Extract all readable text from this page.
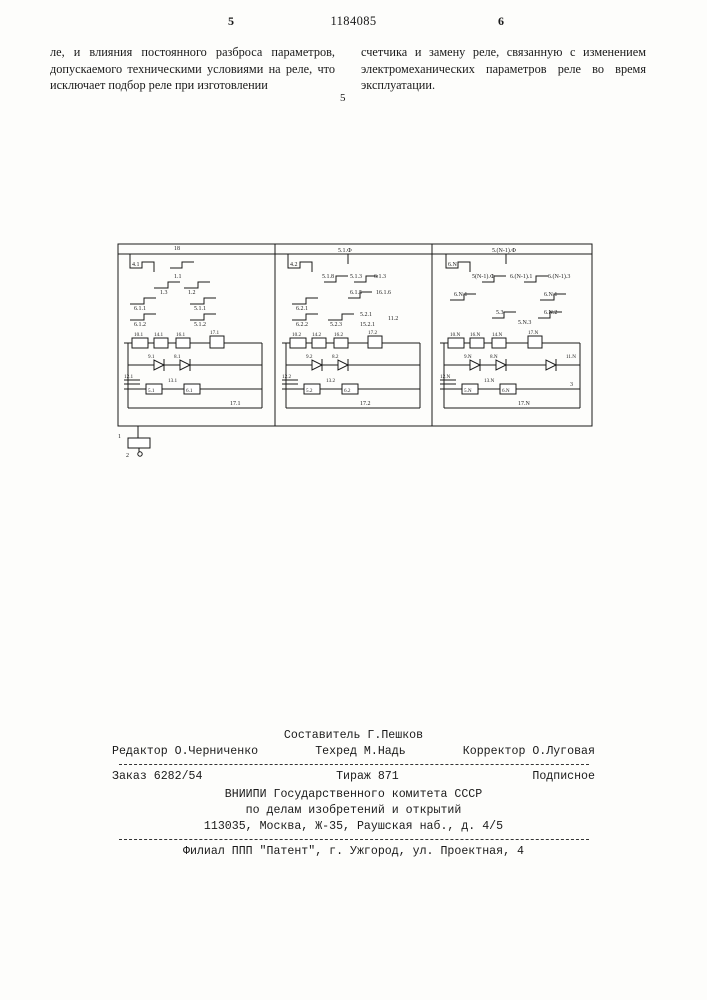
5	1184085	6

ле, и влияния постоянного разброса параметров, допускаемого техническими условиями на реле, что исключает подбор реле при изготовлении

счетчика и замену реле, связанную с изменением электромеханических параметров реле во время эксплуатации.

5
18
4.1
1.1
1.3	1.2
6.1.1	5.1.1
6.1.2	5.1.2
10.1 14.1 16.1	17.1
9.1	8.1
12.1
5.1	6.1
13.1
17.1
4.2
5.1.Ф
5.1.8	5.1.3 6.1.3
6.1.5 16.1.6
6.2.1
6.2.2	5.2.3	15.2.1
5.2.1
11.2
10.2 14.2 16.2	17.2
9.2	8.2
12.2
5.2	6.2
13.2
17.2
6.N
5.(N-1).Ф
5(N-1).Ф	6.(N-1).1	6.(N-1).3
6.N.1	6.N.1
5.3	6.N.2
5.N.3
10.N 16.N 14.N	17.N
9.N	8.N	11.N
12.N
5.N	6.N
13.N
3
17.N
1
2
Составитель Г.Пешков
Редактор О.Черниченко	Техред М.Надь	Корректор О.Луговая
Заказ 6282/54	Тираж 871	Подписное
ВНИИПИ Государственного комитета СССР
по делам изобретений и открытий
113035, Москва, Ж-35, Раушская наб., д. 4/5
Филиал ППП "Патент", г. Ужгород, ул. Проектная, 4
